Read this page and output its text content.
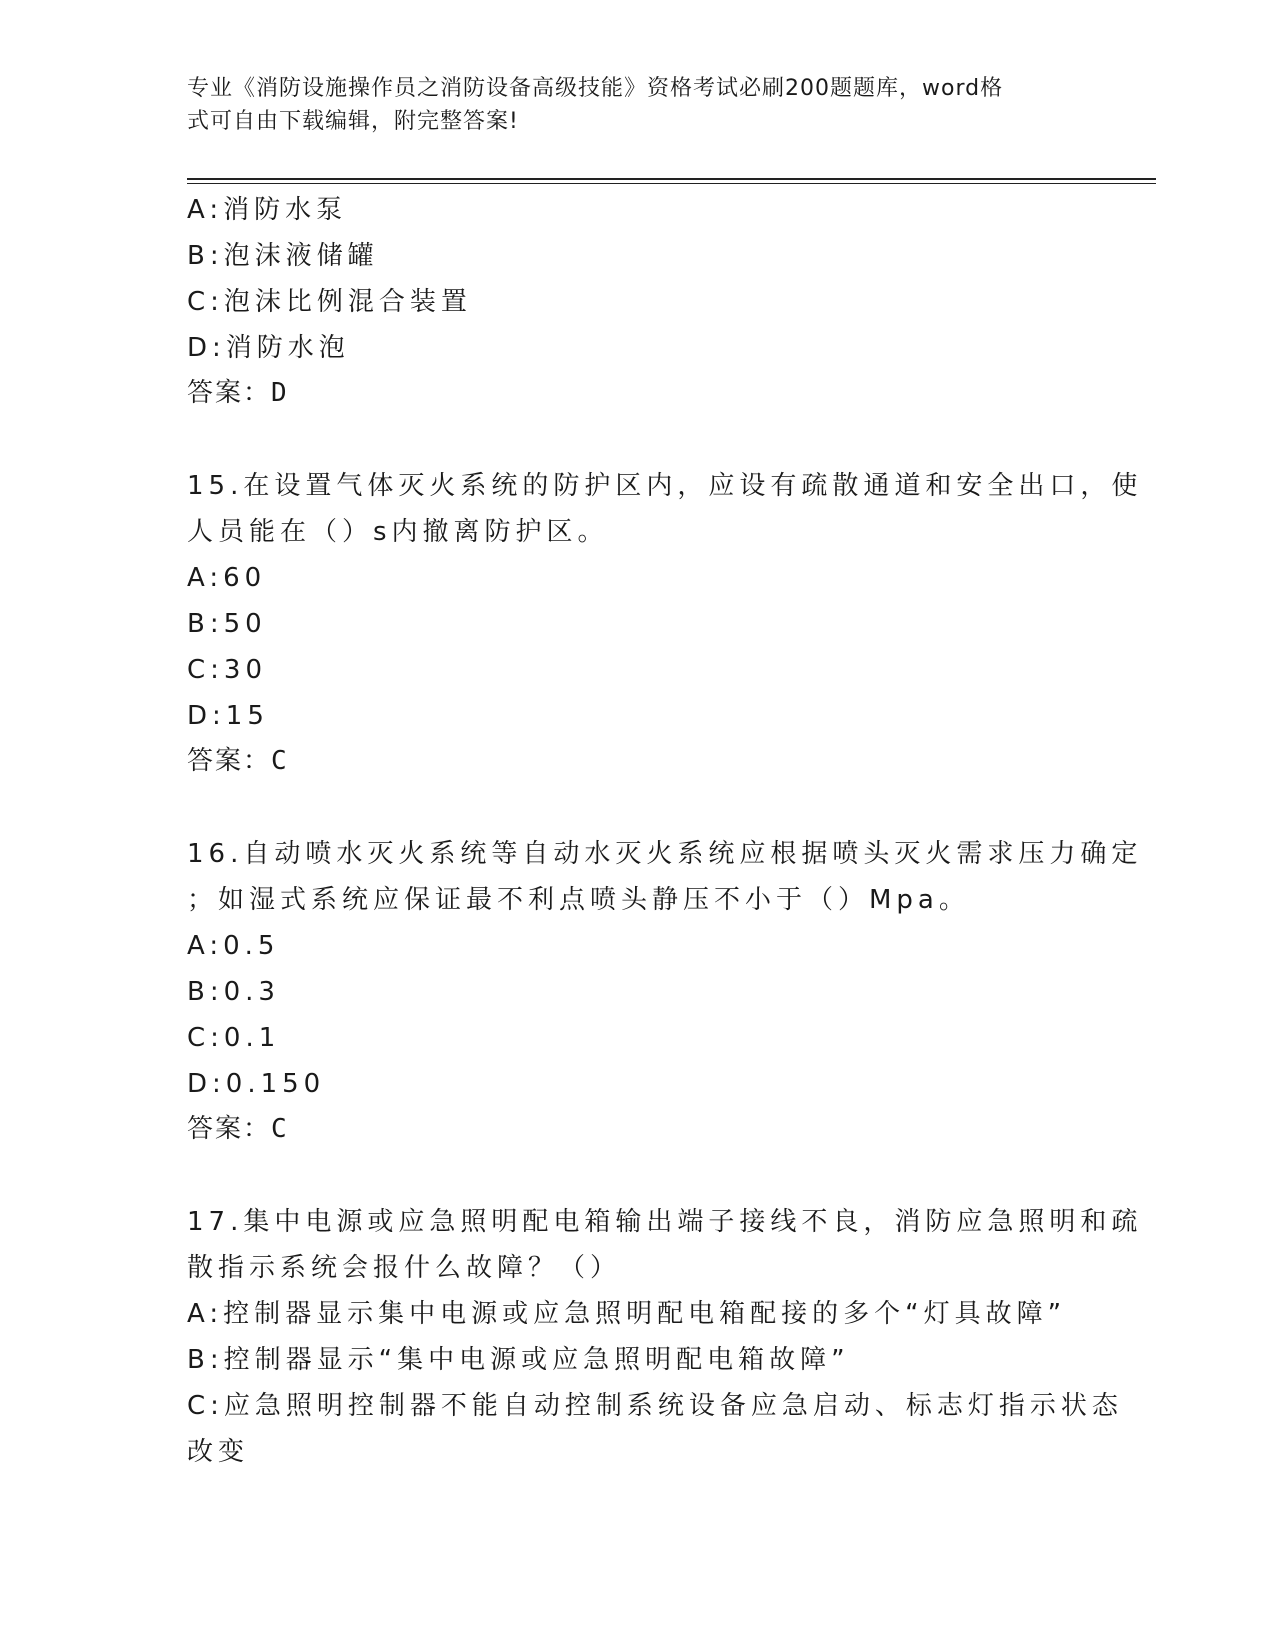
专业《消防设施操作员之消防设备高级技能》资格考试必刷200题题库，word格
式可自由下载编辑，附完整答案!
A:消防水泵
B:泡沫液储罐
C:泡沫比例混合装置
D:消防水泡
答案：D
15.在设置气体灭火系统的防护区内，应设有疏散通道和安全出口，使
人员能在（）s内撤离防护区。
A:60
B:50
C:30
D:15
答案：C
16.自动喷水灭火系统等自动水灭火系统应根据喷头灭火需求压力确定
；如湿式系统应保证最不利点喷头静压不小于（）Mpa。
A:0.5
B:0.3
C:0.1
D:0.150
答案：C
17.集中电源或应急照明配电箱输出端子接线不良，消防应急照明和疏
散指示系统会报什么故障？（）
A:控制器显示集中电源或应急照明配电箱配接的多个“灯具故障”
B:控制器显示“集中电源或应急照明配电箱故障”
C:应急照明控制器不能自动控制系统设备应急启动、标志灯指示状态
改变
